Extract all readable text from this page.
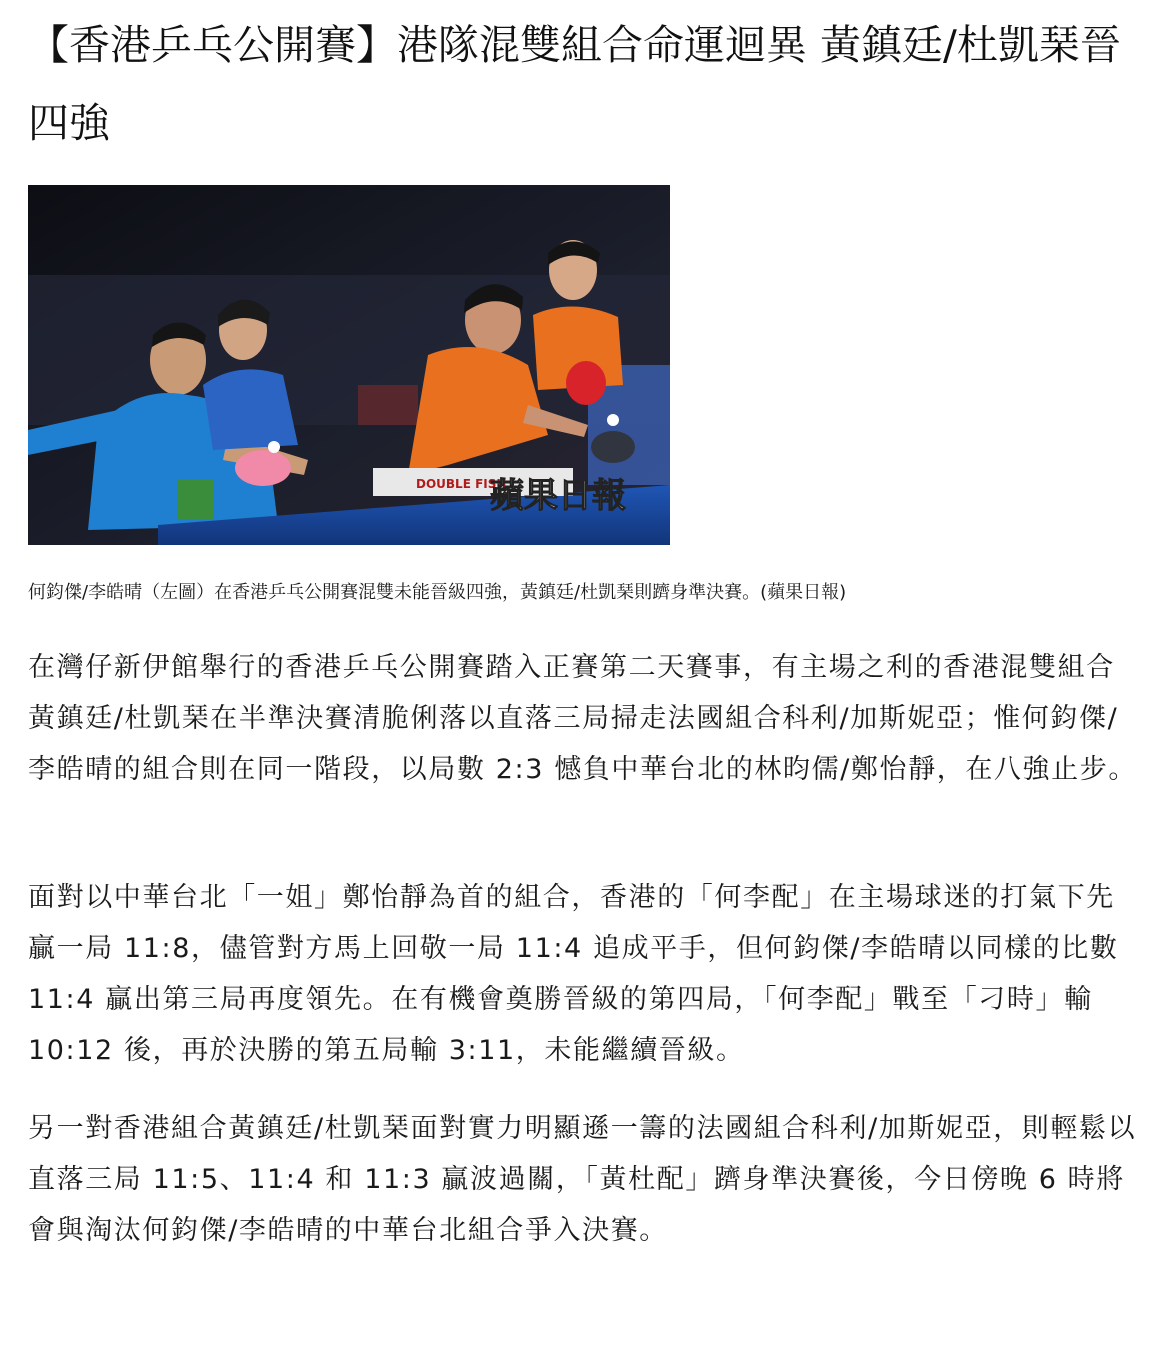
【香港乒乓公開賽】港隊混雙組合命運迴異 黃鎮廷/杜凱琹晉四強
DOUBLE FISH
蘋果日報

何鈞傑/李皓晴（左圖）在香港乒乓公開賽混雙未能晉級四強，黃鎮廷/杜凱琹則躋身準決賽。(蘋果日報)

在灣仔新伊館舉行的香港乒乓公開賽踏入正賽第二天賽事，有主場之利的香港混雙組合黃鎮廷/杜凱琹在半準決賽清脆俐落以直落三局掃走法國組合科利/加斯妮亞；惟何鈞傑/李皓晴的組合則在同一階段，以局數 2:3 憾負中華台北的林昀儒/鄭怡靜，在八強止步。

面對以中華台北「一姐」鄭怡靜為首的組合，香港的「何李配」在主場球迷的打氣下先贏一局 11:8，儘管對方馬上回敬一局 11:4 追成平手，但何鈞傑/李皓晴以同樣的比數 11:4 贏出第三局再度領先。在有機會奠勝晉級的第四局，「何李配」戰至「刁時」輸 10:12 後，再於決勝的第五局輸 3:11，未能繼續晉級。

另一對香港組合黃鎮廷/杜凱琹面對實力明顯遜一籌的法國組合科利/加斯妮亞，則輕鬆以直落三局 11:5、11:4 和 11:3 贏波過關，「黃杜配」躋身準決賽後，今日傍晚 6 時將會與淘汰何鈞傑/李皓晴的中華台北組合爭入決賽。
